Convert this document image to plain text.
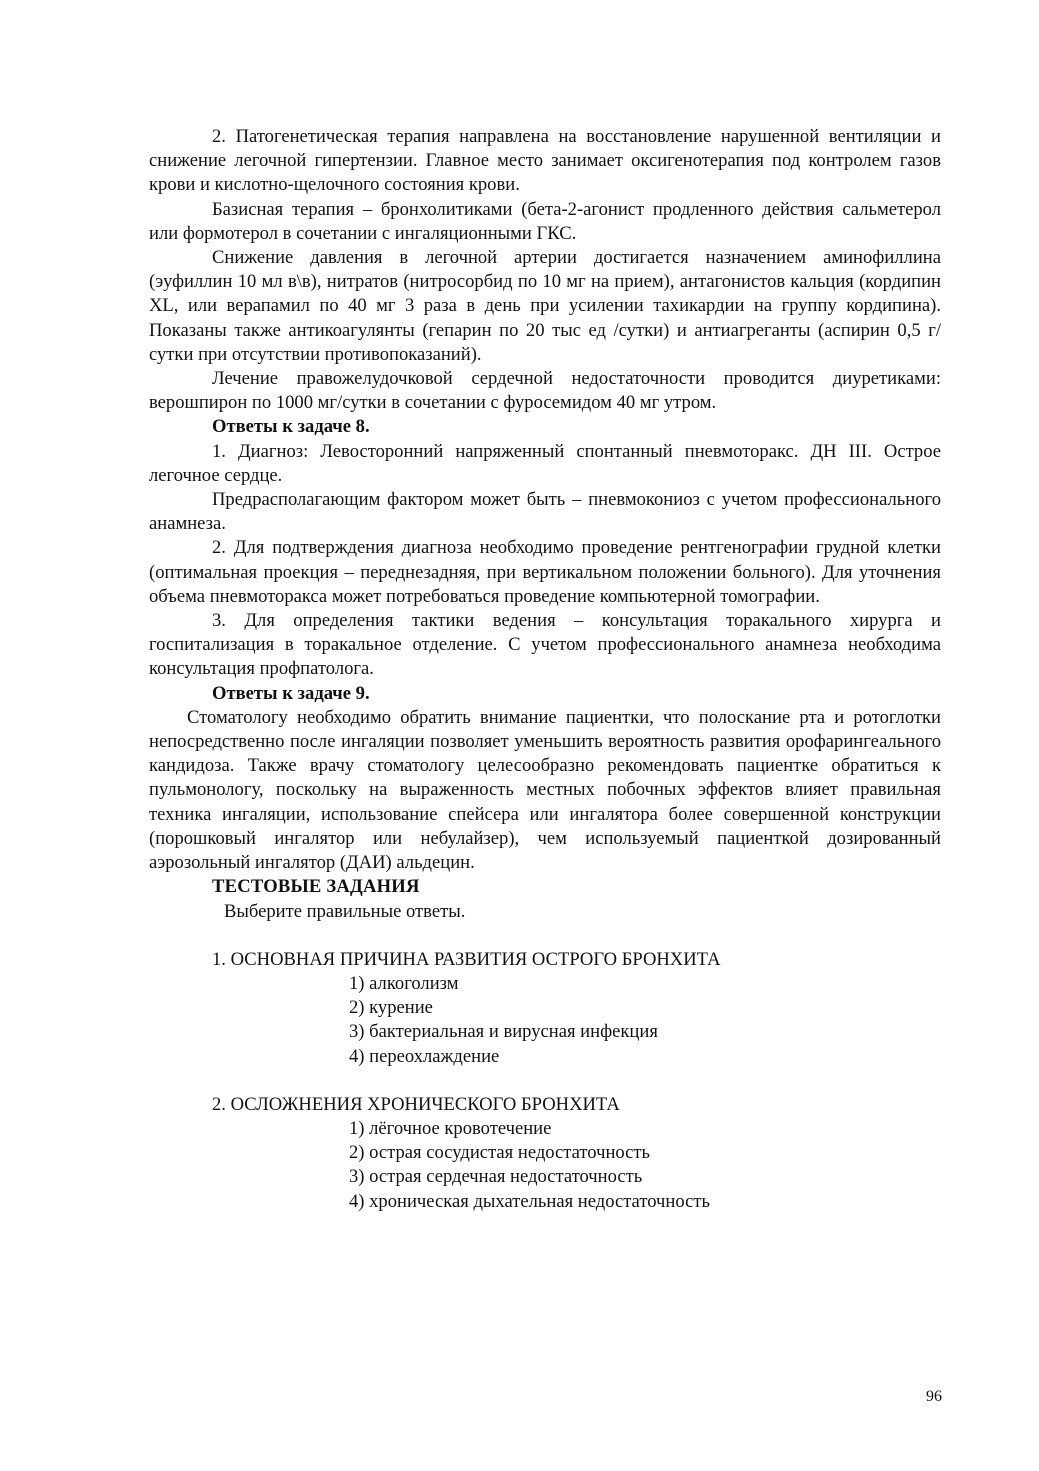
2. Патогенетическая терапия направлена на восстановление нарушенной вентиляции и снижение легочной гипертензии. Главное место занимает оксигенотерапия под контролем газов крови и кислотно-щелочного состояния крови.

Базисная терапия – бронхолитиками (бета-2-агонист продленного действия сальметерол или формотерол в сочетании с ингаляционными ГКС.

Снижение давления в легочной артерии достигается назначением аминофиллина (эуфиллин 10 мл в\в), нитратов (нитросорбид по 10 мг на прием), антагонистов кальция (кордипин XL, или верапамил по 40 мг 3 раза в день при усилении тахикардии на группу кордипина). Показаны также антикоагулянты (гепарин по 20 тыс ед /сутки) и антиагреганты (аспирин 0,5 г/сутки при отсутствии противопоказаний).

Лечение правожелудочковой сердечной недостаточности проводится диуретиками: верошпирон по 1000 мг/сутки в сочетании с фуросемидом 40 мг утром.

Ответы к задаче 8.

1. Диагноз: Левосторонний напряженный спонтанный пневмоторакс. ДН III. Острое легочное сердце.

Предрасполагающим фактором может быть – пневмокониоз с учетом профессионального анамнеза.

2. Для подтверждения диагноза необходимо проведение рентгенографии грудной клетки (оптимальная проекция – переднезадняя, при вертикальном положении больного). Для уточнения объема пневмоторакса может потребоваться проведение компьютерной томографии.

3. Для определения тактики ведения – консультация торакального хирурга и госпитализация в торакальное отделение. С учетом профессионального анамнеза необходима консультация профпатолога.

Ответы к задаче 9.

Стоматологу необходимо обратить внимание пациентки, что полоскание рта и ротоглотки непосредственно после ингаляции позволяет уменьшить вероятность развития орофарингеального кандидоза. Также врачу стоматологу целесообразно рекомендовать пациентке обратиться к пульмонологу, поскольку на выраженность местных побочных эффектов влияет правильная техника ингаляции, использование спейсера или ингалятора более совершенной конструкции (порошковый ингалятор или небулайзер), чем используемый пациенткой дозированный аэрозольный ингалятор (ДАИ) альдецин.

ТЕСТОВЫЕ ЗАДАНИЯ

Выберите правильные ответы.

1. ОСНОВНАЯ ПРИЧИНА РАЗВИТИЯ ОСТРОГО БРОНХИТА

1) алкоголизм

2) курение

3) бактериальная и вирусная инфекция

4) переохлаждение

2. ОСЛОЖНЕНИЯ ХРОНИЧЕСКОГО БРОНХИТА

1) лёгочное кровотечение

2) острая сосудистая недостаточность

3) острая сердечная недостаточность

4) хроническая дыхательная недостаточность

96
